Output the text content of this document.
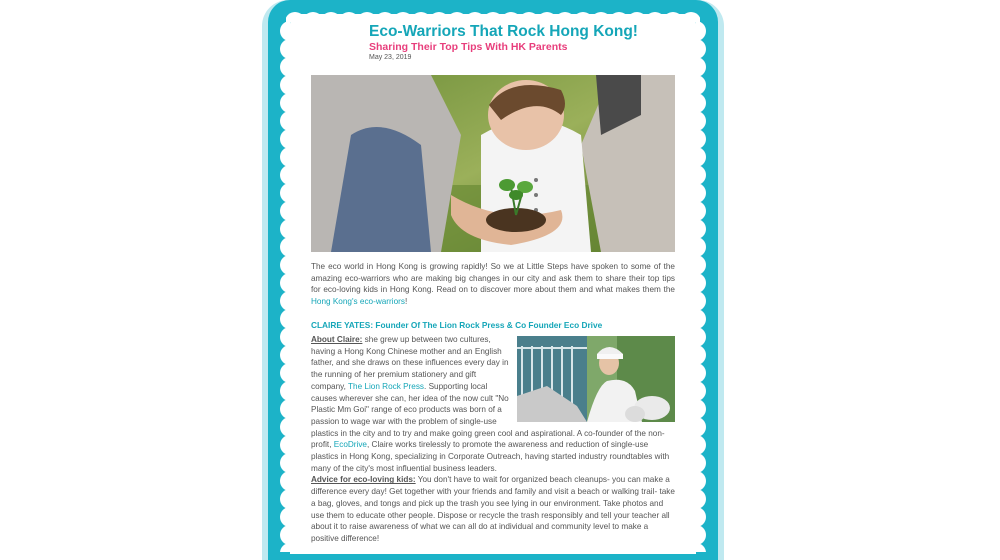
Eco-Warriors That Rock Hong Kong!
Sharing Their Top Tips With HK Parents

May 23, 2019

The eco world in Hong Kong is growing rapidly! So we at Little Steps have spoken to some of the amazing eco-warriors who are making big changes in our city and ask them to share their top tips for eco-loving kids in Hong Kong. Read on to discover more about them and what makes them the Hong Kong's eco-warriors!

CLAIRE YATES: Founder Of The Lion Rock Press & Co Founder Eco Drive

About Claire: she grew up between two cultures, having a Hong Kong Chinese mother and an English father, and she draws on these influences every day in the running of her premium stationery and gift company, The Lion Rock Press. Supporting local causes wherever she can, her idea of the now cult "No Plastic Mm Goi" range of eco products was born of a passion to wage war with the problem of single-use plastics in the city and to try and make going green cool and aspirational. A co-founder of the non-profit, EcoDrive, Claire works tirelessly to promote the awareness and reduction of single-use plastics in Hong Kong, specializing in Corporate Outreach, having started industry roundtables with many of the city's most influential business leaders.
Advice for eco-loving kids: You don't have to wait for organized beach cleanups- you can make a difference every day! Get together with your friends and family and visit a beach or walking trail- take a bag, gloves, and tongs and pick up the trash you see lying in our environment. Take photos and use them to educate other people. Dispose or recycle the trash responsibly and tell your teacher all about it to raise awareness of what we can all do at individual and community level to make a positive difference!
